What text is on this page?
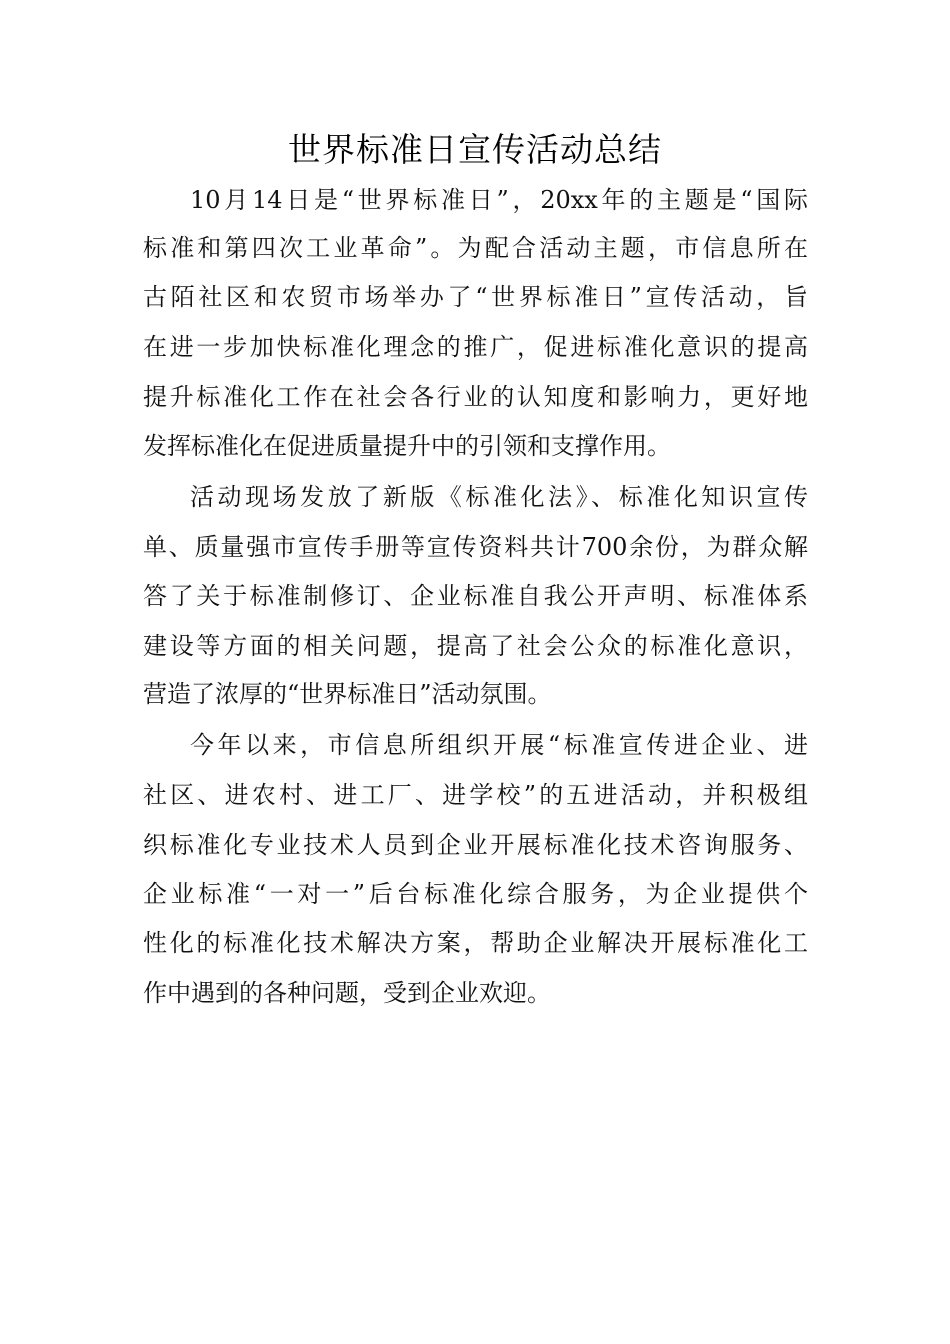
世界标准日宣传活动总结

10月14日是“世界标准日”，20xx年的主题是“国际

标准和第四次工业革命”。为配合活动主题，市信息所在

古陌社区和农贸市场举办了“世界标准日”宣传活动，旨

在进一步加快标准化理念的推广，促进标准化意识的提高

提升标准化工作在社会各行业的认知度和影响力，更好地

发挥标准化在促进质量提升中的引领和支撑作用。

活动现场发放了新版《标准化法》、标准化知识宣传

单、质量强市宣传手册等宣传资料共计700余份，为群众解

答了关于标准制修订、企业标准自我公开声明、标准体系

建设等方面的相关问题，提高了社会公众的标准化意识，

营造了浓厚的“世界标准日”活动氛围。

今年以来，市信息所组织开展“标准宣传进企业、进

社区、进农村、进工厂、进学校”的五进活动，并积极组

织标准化专业技术人员到企业开展标准化技术咨询服务、

企业标准“一对一”后台标准化综合服务，为企业提供个

性化的标准化技术解决方案，帮助企业解决开展标准化工

作中遇到的各种问题，受到企业欢迎。
